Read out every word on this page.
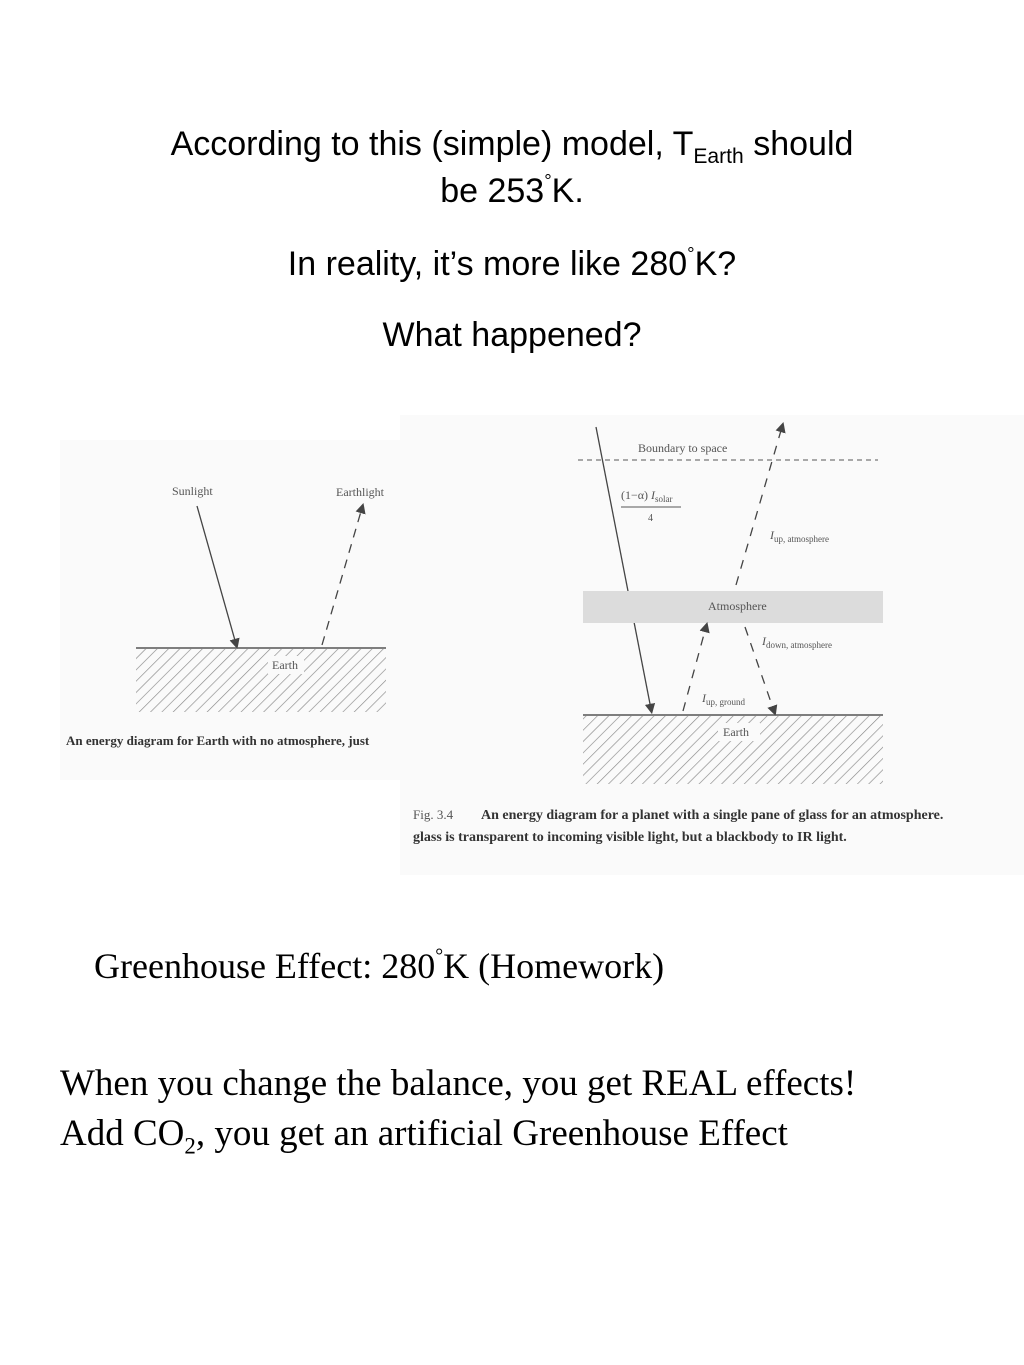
According to this (simple) model, $T_{Earth}$ should
be 253°K.
In reality, it’s more like 280°K?
What happened?
Sunlight	Earthlight
Earth
An energy diagram for Earth with no atmosphere, just
Boundary to space
(1−α) $I_{solar}$
4
$I_{up, atmosphere}$
Atmosphere
$I_{up, ground}$
$I_{down, atmosphere}$
Earth
Fig. 3.4 An energy diagram for a planet with a single pane of glass for an atmosphere.
glass is transparent to incoming visible light, but a blackbody to IR light.
Greenhouse Effect: 280°K (Homework)
When you change the balance, you get REAL effects!
Add $CO_2$, you get an artificial Greenhouse Effect
